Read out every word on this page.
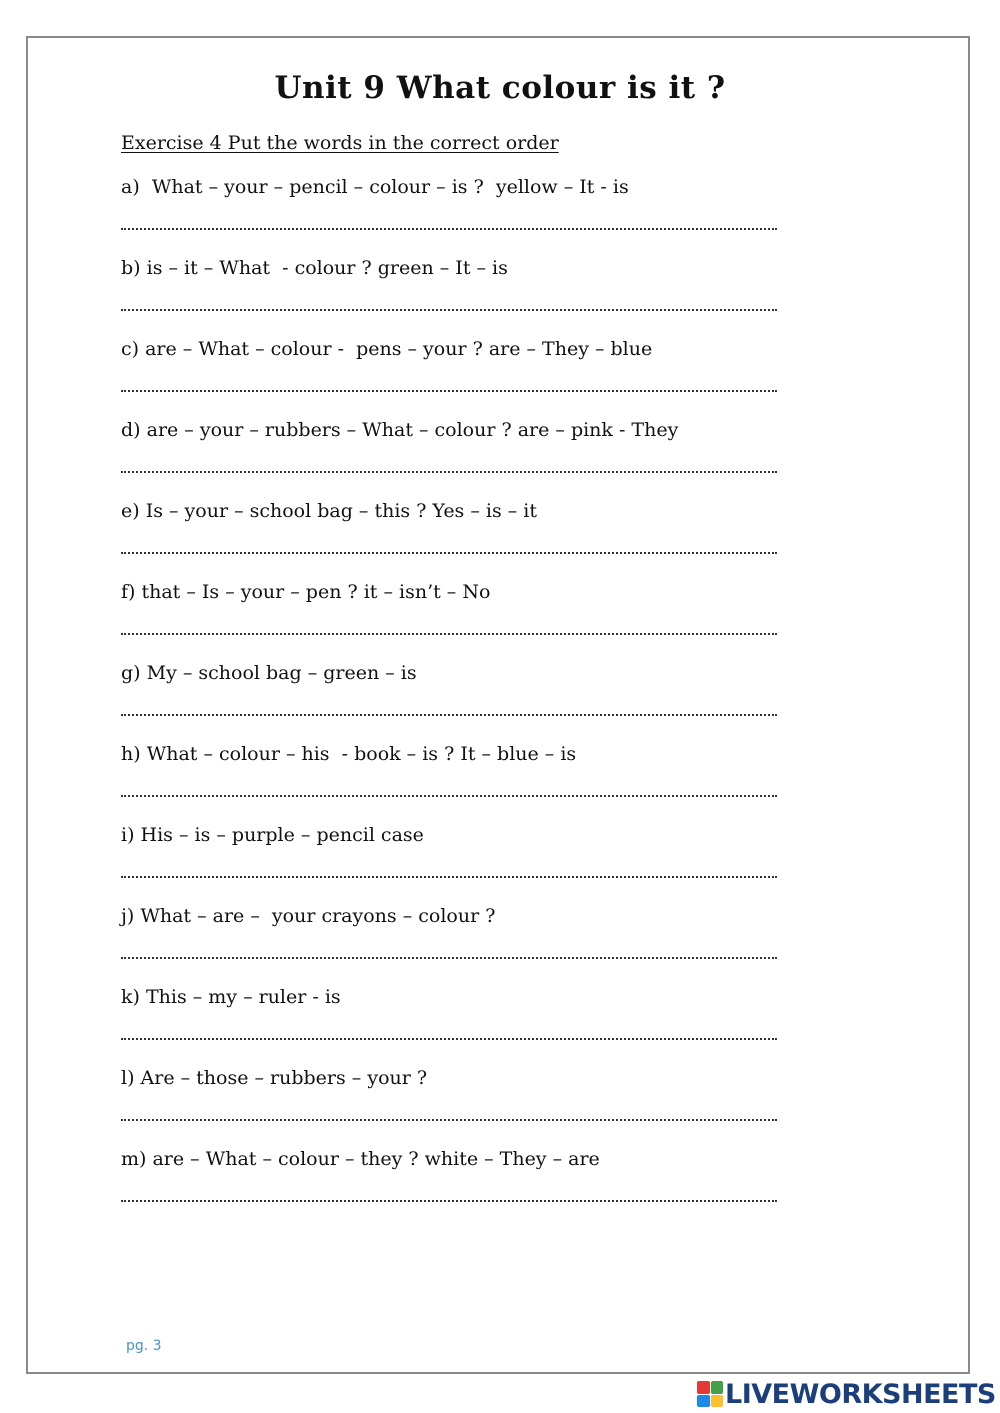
Unit 9 What colour is it ?
Exercise 4 Put the words in the correct order
a)  What – your – pencil – colour – is ?  yellow – It - is
b) is – it – What  - colour ? green – It – is
c) are – What – colour -  pens – your ? are – They – blue
d) are – your – rubbers – What – colour ? are – pink - They
e) Is – your – school bag – this ? Yes – is – it
f) that – Is – your – pen ? it – isn’t – No
g) My – school bag – green – is
h) What – colour – his  - book – is ? It – blue – is
i) His – is – purple – pencil case
j) What – are –  your crayons – colour ?
k) This – my – ruler - is
l) Are – those – rubbers – your ?
m) are – What – colour – they ? white – They – are
pg. 3
LIVEWORKSHEETS
